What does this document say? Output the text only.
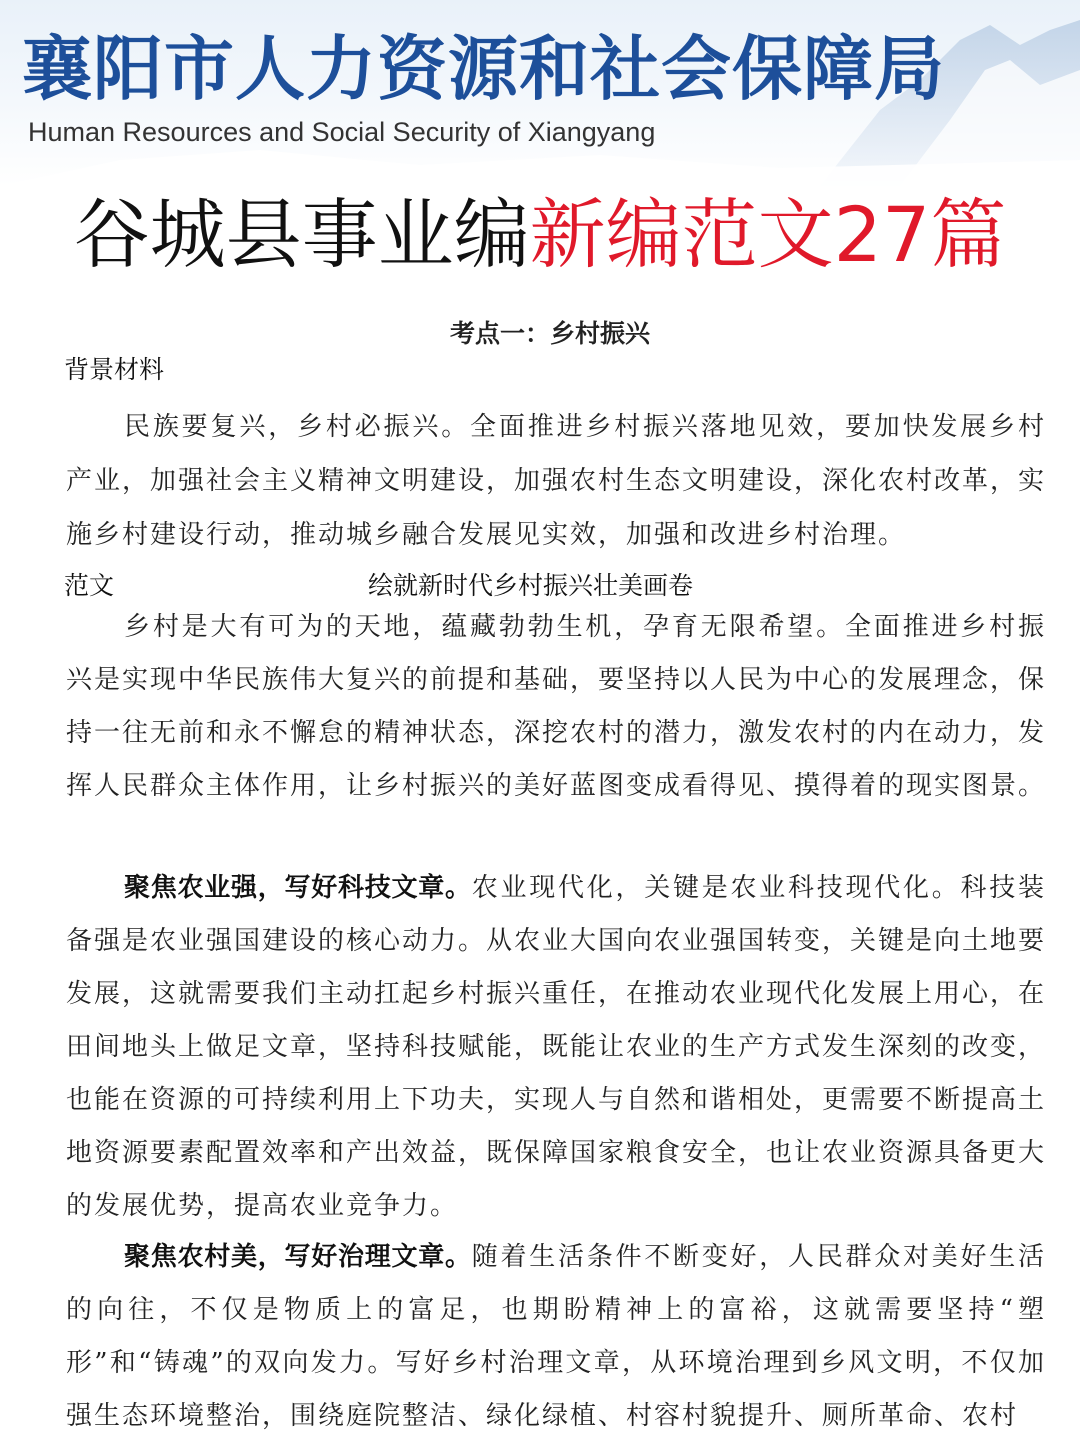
襄阳市人力资源和社会保障局
Human Resources and Social Security of Xiangyang
谷城县事业编新编范文27篇
考点一：乡村振兴
背景材料

民族要复兴，乡村必振兴。全面推进乡村振兴落地见效，要加快发展乡村产业，加强社会主义精神文明建设，加强农村生态文明建设，深化农村改革，实施乡村建设行动，推动城乡融合发展见实效，加强和改进乡村治理。

范文	绘就新时代乡村振兴壮美画卷

乡村是大有可为的天地，蕴藏勃勃生机，孕育无限希望。全面推进乡村振兴是实现中华民族伟大复兴的前提和基础，要坚持以人民为中心的发展理念，保持一往无前和永不懈怠的精神状态，深挖农村的潜力，激发农村的内在动力，发挥人民群众主体作用，让乡村振兴的美好蓝图变成看得见、摸得着的现实图景。

聚焦农业强，写好科技文章。农业现代化，关键是农业科技现代化。科技装备强是农业强国建设的核心动力。从农业大国向农业强国转变，关键是向土地要发展，这就需要我们主动扛起乡村振兴重任，在推动农业现代化发展上用心，在田间地头上做足文章，坚持科技赋能，既能让农业的生产方式发生深刻的改变，也能在资源的可持续利用上下功夫，实现人与自然和谐相处，更需要不断提高土地资源要素配置效率和产出效益，既保障国家粮食安全，也让农业资源具备更大的发展优势，提高农业竞争力。

聚焦农村美，写好治理文章。随着生活条件不断变好，人民群众对美好生活的向往，不仅是物质上的富足，也期盼精神上的富裕，这就需要坚持“塑形”和“铸魂”的双向发力。写好乡村治理文章，从环境治理到乡风文明，不仅加强生态环境整治，围绕庭院整洁、绿化绿植、村容村貌提升、厕所革命、农村
